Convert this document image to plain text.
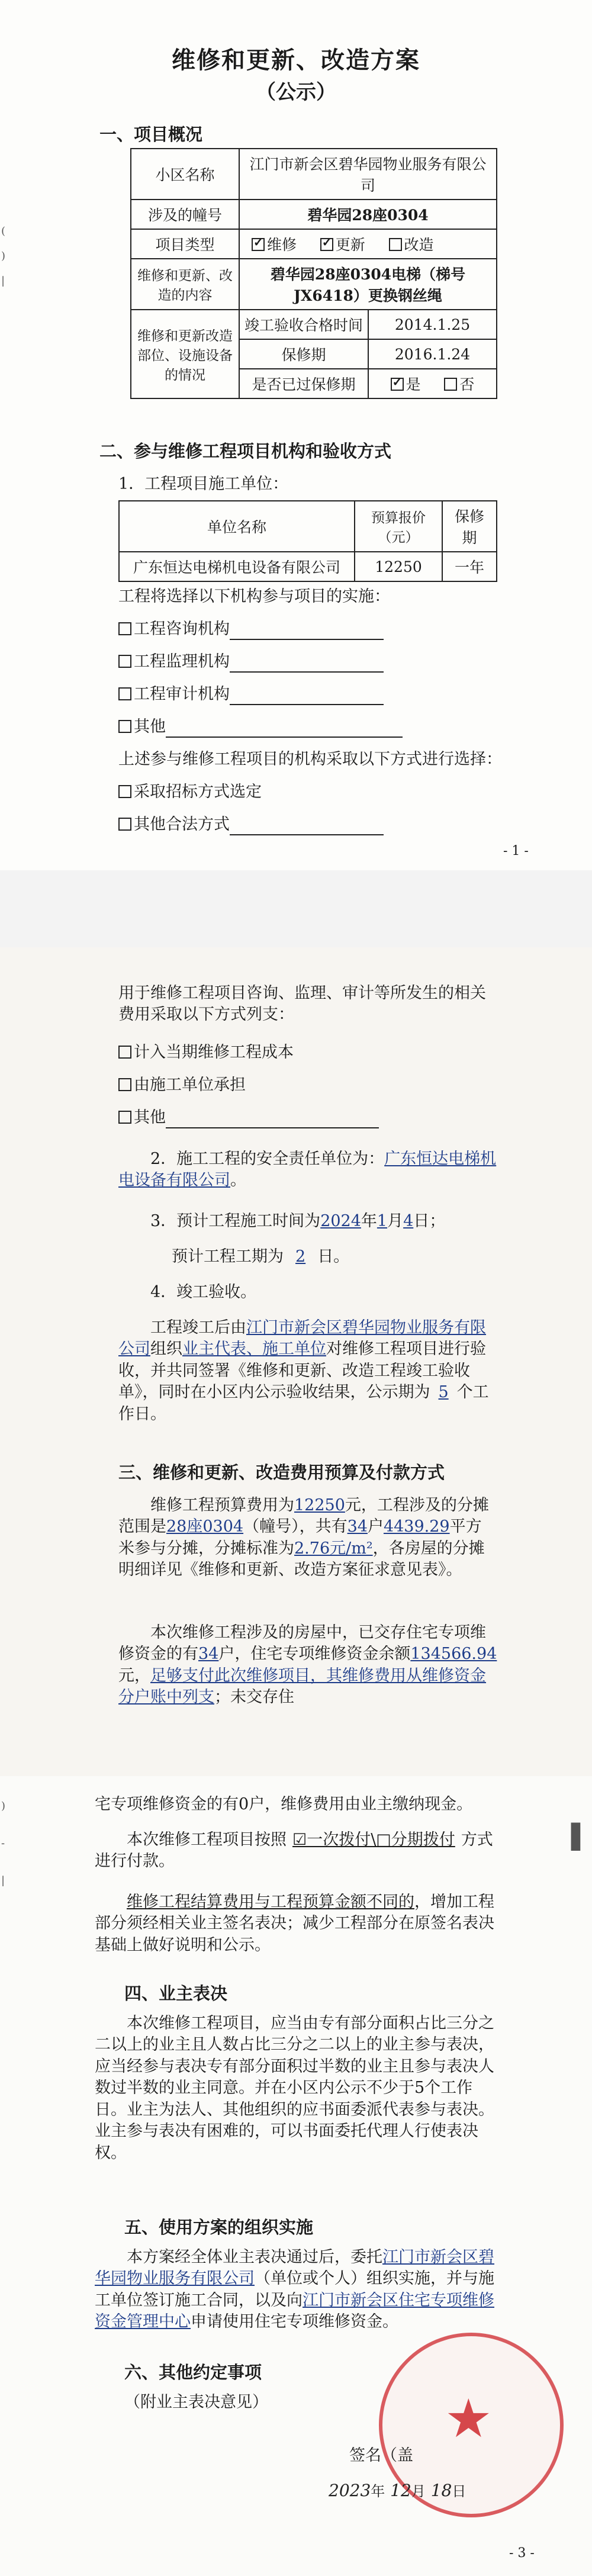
(

)

|
维修和更新、改造方案
（公示）
一、项目概况
小区名称	江门市新会区碧华园物业服务有限公司	
涉及的幢号	碧华园28座0304	
项目类型	✓维修 ✓ 更新 改造
维修和更新、改造的内容	碧华园28座0304电梯（梯号JX6418）更换钢丝绳	
维修和更新改造部位、设施设备的情况	竣工验收合格时间	2014.1.25
	保修期	2016.1.24
	是否已过保修期	✓是 否
二、参与维修工程项目机构和验收方式
1．工程项目施工单位：
单位名称	预算报价（元）	保修期
广东恒达电梯机电设备有限公司	12250	一年
工程将选择以下机构参与项目的实施：
工程咨询机构
工程监理机构
工程审计机构
其他
上述参与维修工程项目的机构采取以下方式进行选择：
采取招标方式选定
其他合法方式
- 1 -
用于维修工程项目咨询、监理、审计等所发生的相关费用采取以下方式列支：
计入当期维修工程成本
由施工单位承担
其他
2．施工工程的安全责任单位为：广东恒达电梯机电设备有限公司。
3．预计工程施工时间为2024年1月4日；
预计工程工期为 2 日。
4．竣工验收。
工程竣工后由江门市新会区碧华园物业服务有限公司组织业主代表、施工单位对维修工程项目进行验收，并共同签署《维修和更新、改造工程竣工验收单》，同时在小区内公示验收结果，公示期为 5 个工作日。
三、维修和更新、改造费用预算及付款方式
维修工程预算费用为12250元，工程涉及的分摊范围是28座0304（幢号），共有34户4439.29平方米参与分摊，分摊标准为2.76元/m²，各房屋的分摊明细详见《维修和更新、改造方案征求意见表》。
本次维修工程涉及的房屋中，已交存住宅专项维修资金的有34户，住宅专项维修资金余额134566.94元，足够支付此次维修项目，其维修费用从维修资金分户账中列支；未交存住
)

-

|
▌
宅专项维修资金的有0户，维修费用由业主缴纳现金。
本次维修工程项目按照 ☑一次拨付\□分期拨付 方式进行付款。
维修工程结算费用与工程预算金额不同的，增加工程部分须经相关业主签名表决；减少工程部分在原签名表决基础上做好说明和公示。
四、业主表决
本次维修工程项目，应当由专有部分面积占比三分之二以上的业主且人数占比三分之二以上的业主参与表决，应当经参与表决专有部分面积过半数的业主且参与表决人数过半数的业主同意。并在小区内公示不少于5个工作日。业主为法人、其他组织的应书面委派代表参与表决。业主参与表决有困难的，可以书面委托代理人行使表决权。
五、使用方案的组织实施
本方案经全体业主表决通过后，委托江门市新会区碧华园物业服务有限公司（单位或个人）组织实施，并与施工单位签订施工合同，以及向江门市新会区住宅专项维修资金管理中心申请使用住宅专项维修资金。
六、其他约定事项
（附业主表决意见）	★
签名（盖
2023年 12月 18日
- 3 -
